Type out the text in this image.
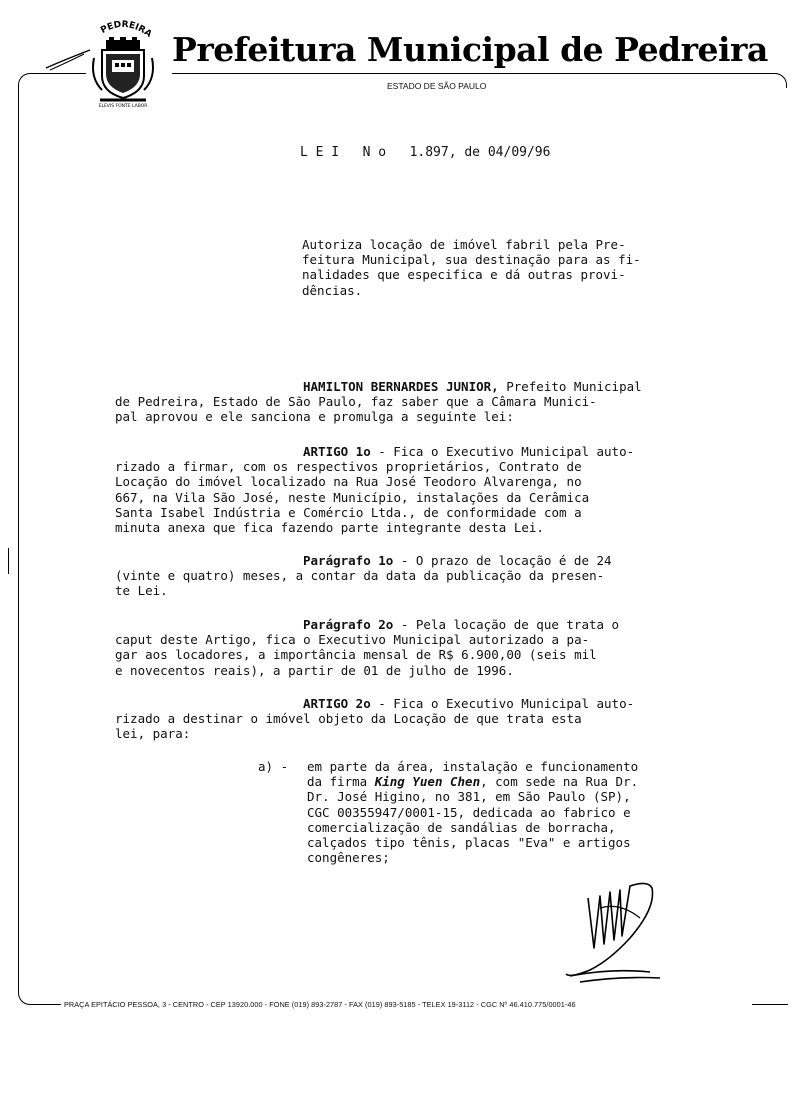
PEDREIRA
ELEVIS FONTE LABOR
Prefeitura Municipal de Pedreira
ESTADO DE SÃO PAULO
L E I   N o   1.897, de 04/09/96
Autoriza locação de imóvel fabril pela Pre-
feitura Municipal, sua destinação para as fi-
nalidades que especifica e dá outras provi-
dências.
HAMILTON BERNARDES JUNIOR, Prefeito Municipal
de Pedreira, Estado de São Paulo, faz saber que a Câmara Munici-
pal aprovou e ele sanciona e promulga a seguinte lei:
ARTIGO 1o - Fica o Executivo Municipal auto-
rizado a firmar, com os respectivos proprietários, Contrato de
Locação do imóvel localizado na Rua José Teodoro Alvarenga, no
667, na Vila São José, neste Município, instalações da Cerâmica
Santa Isabel Indústria e Comércio Ltda., de conformidade com a
minuta anexa que fica fazendo parte integrante desta Lei.
Parágrafo 1o - O prazo de locação é de 24
(vinte e quatro) meses, a contar da data da publicação da presen-
te Lei.
Parágrafo 2o - Pela locação de que trata o
caput deste Artigo, fica o Executivo Municipal autorizado a pa-
gar aos locadores, a importância mensal de R$ 6.900,00 (seis mil
e novecentos reais), a partir de 01 de julho de 1996.
ARTIGO 2o - Fica o Executivo Municipal auto-
rizado a destinar o imóvel objeto da Locação de que trata esta
lei, para:
a) - em parte da área, instalação e funcionamento
da firma King Yuen Chen, com sede na Rua Dr.
Dr. José Higino, no 381, em São Paulo (SP),
CGC 00355947/0001-15, dedicada ao fabrico e
comercialização de sandálias de borracha,
calçados tipo tênis, placas "Eva" e artigos
congêneres;
PRAÇA EPITÁCIO PESSOA, 3 - CENTRO - CEP 13920.000 - FONE (019) 893-2787 - FAX (019) 893-5185 - TELEX 19-3112 - CGC Nº 46.410.775/0001-46
